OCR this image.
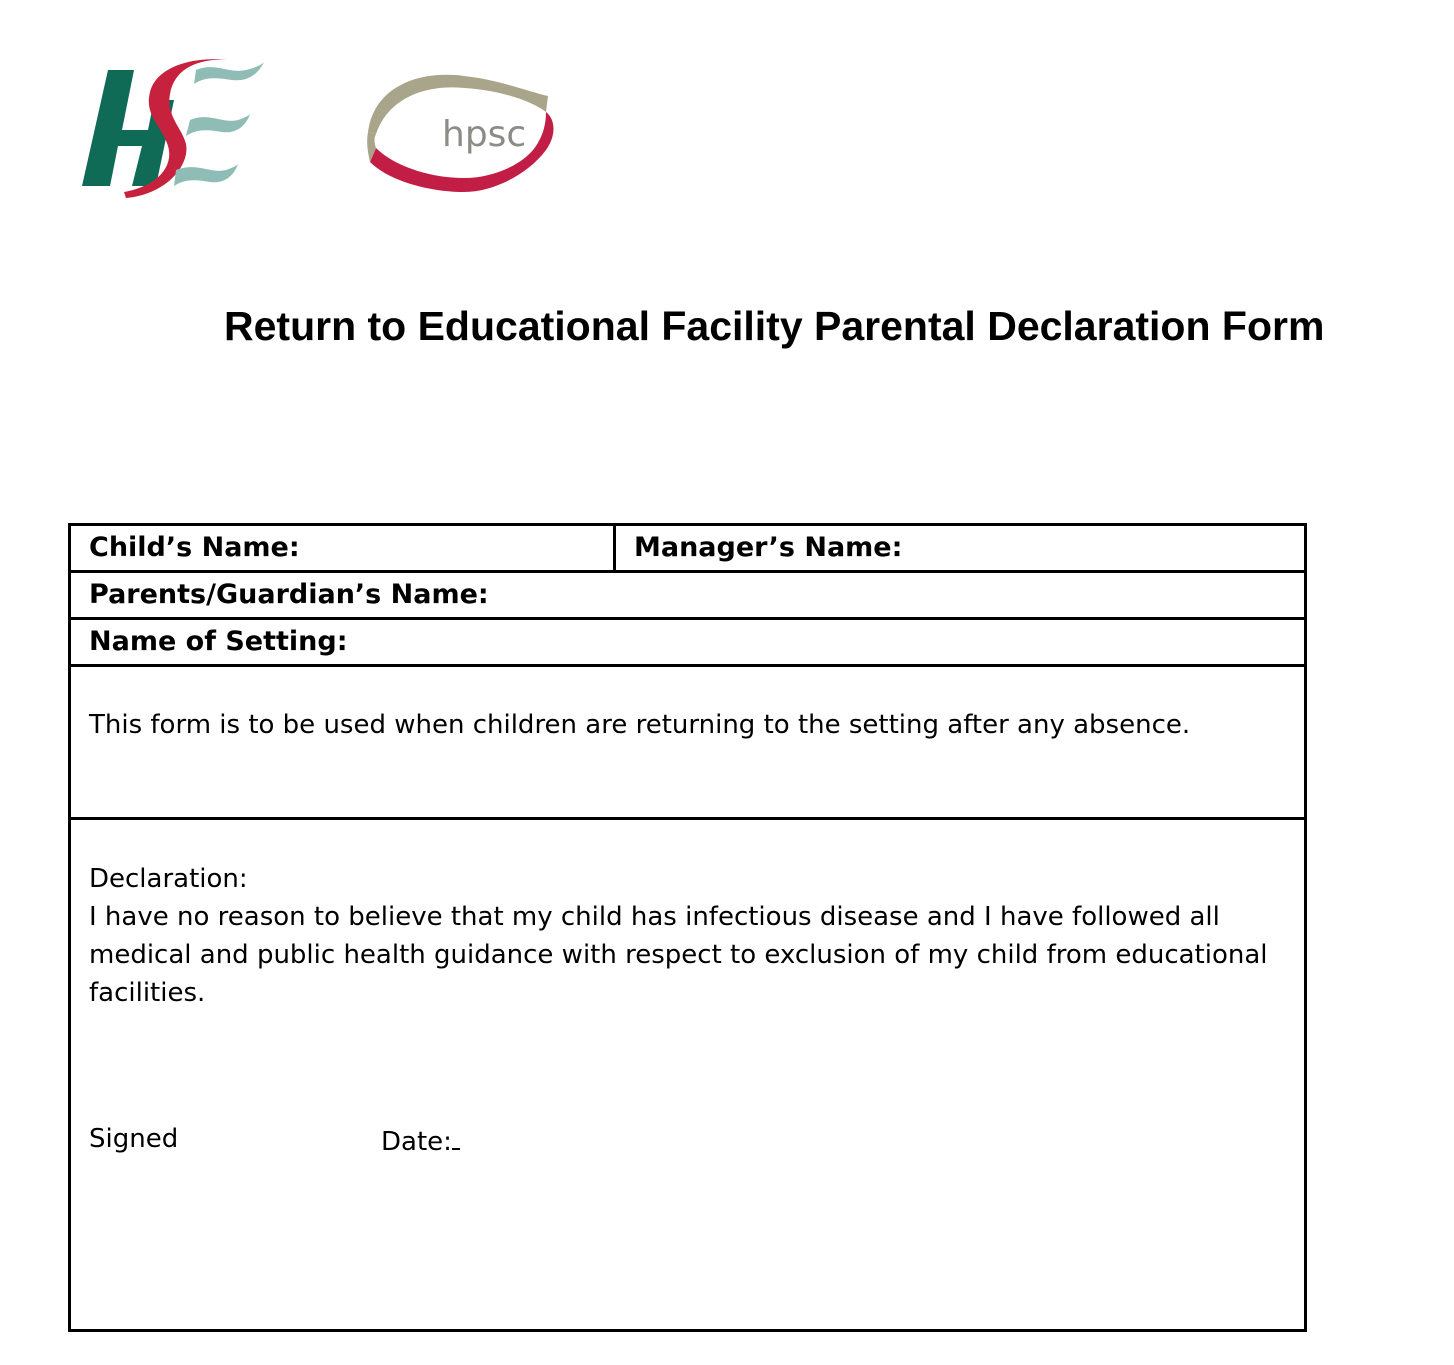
hpsc
Return to Educational Facility Parental Declaration Form
Child’s Name:	Manager’s Name:
Parents/Guardian’s Name:
Name of Setting:
This form is to be used when children are returning to the setting after any absence.

Declaration:

I have no reason to believe that my child has infectious disease and I have followed all medical and public health guidance with respect to exclusion of my child from educational facilities.

Signed	Date:
